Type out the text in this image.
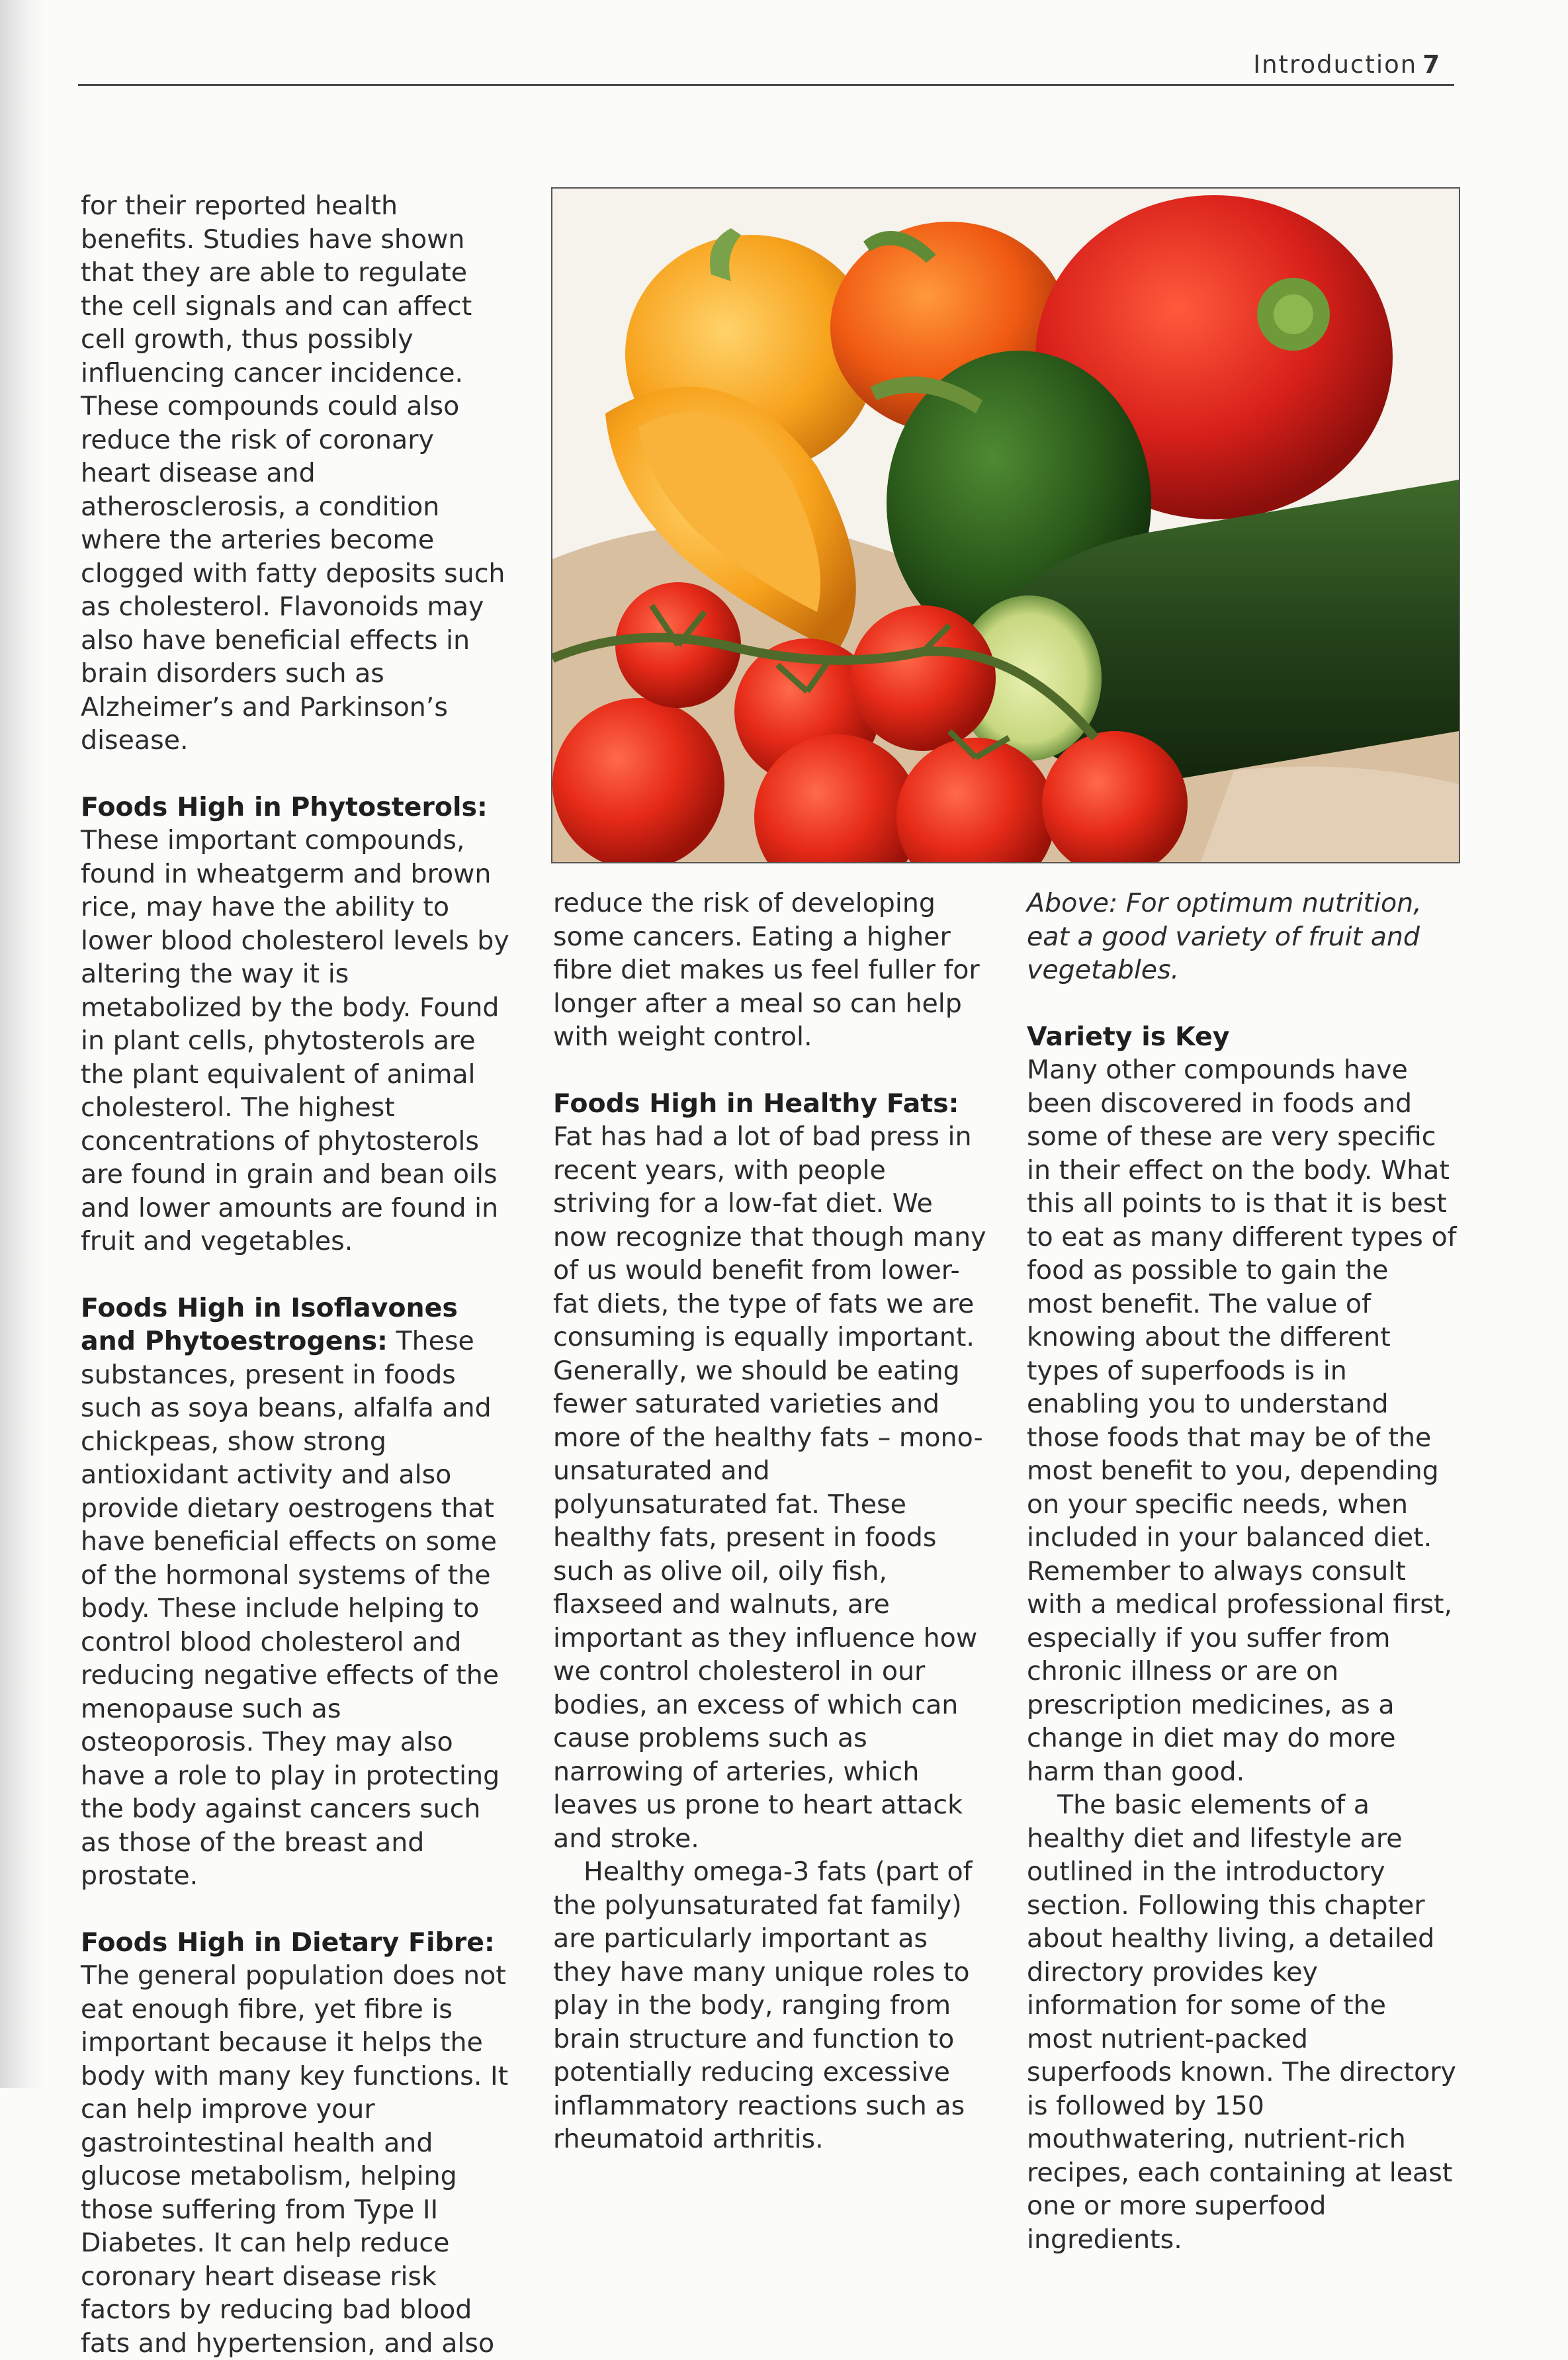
Introduction 7

for their reported health benefits. Studies have shown that they are able to regulate the cell signals and can affect cell growth, thus possibly influencing cancer incidence. These compounds could also reduce the risk of coronary heart disease and atherosclerosis, a condition where the arteries become clogged with fatty deposits such as cholesterol. Flavonoids may also have beneficial effects in brain disorders such as Alzheimer’s and Parkinson’s disease.

Foods High in Phytosterols:
These important compounds, found in wheatgerm and brown rice, may have the ability to lower blood cholesterol levels by altering the way it is metabolized by the body. Found in plant cells, phytosterols are the plant equivalent of animal cholesterol. The highest concentrations of phytosterols are found in grain and bean oils and lower amounts are found in fruit and vegetables.

Foods High in Isoflavones and Phytoestrogens: These substances, present in foods such as soya beans, alfalfa and chickpeas, show strong antioxidant activity and also provide dietary oestrogens that have beneficial effects on some of the hormonal systems of the body. These include helping to control blood cholesterol and reducing negative effects of the menopause such as osteoporosis. They may also have a role to play in protecting the body against cancers such as those of the breast and prostate.

Foods High in Dietary Fibre:
The general population does not eat enough fibre, yet fibre is important because it helps the body with many key functions. It can help improve your gastrointestinal health and glucose metabolism, helping those suffering from Type II Diabetes. It can help reduce coronary heart disease risk factors by reducing bad blood fats and hypertension, and also

reduce the risk of developing some cancers. Eating a higher fibre diet makes us feel fuller for longer after a meal so can help with weight control.

Foods High in Healthy Fats: Fat has had a lot of bad press in recent years, with people striving for a low-fat diet. We now recognize that though many of us would benefit from lower-fat diets, the type of fats we are consuming is equally important. Generally, we should be eating fewer saturated varieties and more of the healthy fats – mono-unsaturated and polyunsaturated fat. These healthy fats, present in foods such as olive oil, oily fish, flaxseed and walnuts, are important as they influence how we control cholesterol in our bodies, an excess of which can cause problems such as narrowing of arteries, which leaves us prone to heart attack and stroke.

Healthy omega-3 fats (part of the polyunsaturated fat family) are particularly important as they have many unique roles to play in the body, ranging from brain structure and function to potentially reducing excessive inflammatory reactions such as rheumatoid arthritis.

Above: For optimum nutrition, eat a good variety of fruit and vegetables.

Variety is Key

Many other compounds have been discovered in foods and some of these are very specific in their effect on the body. What this all points to is that it is best to eat as many different types of food as possible to gain the most benefit. The value of knowing about the different types of superfoods is in enabling you to understand those foods that may be of the most benefit to you, depending on your specific needs, when included in your balanced diet. Remember to always consult with a medical professional first, especially if you suffer from chronic illness or are on prescription medicines, as a change in diet may do more harm than good.

The basic elements of a healthy diet and lifestyle are outlined in the introductory section. Following this chapter about healthy living, a detailed directory provides key information for some of the most nutrient-packed superfoods known. The directory is followed by 150 mouthwatering, nutrient-rich recipes, each containing at least one or more superfood ingredients.
